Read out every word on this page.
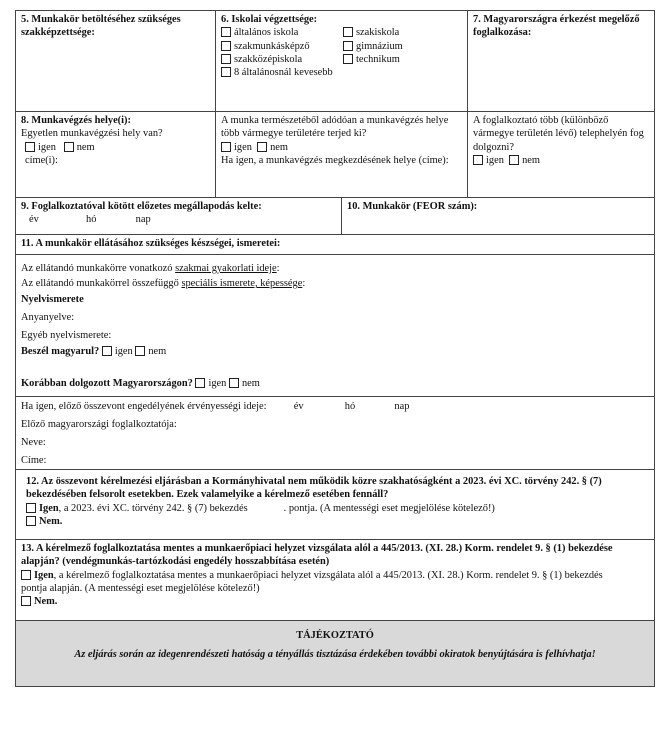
5. Munkakör betöltéséhez szükséges szakképzettsége:
6. Iskolai végzettsége:
általános iskola
szakmunkásképző
szakközépiskola
szakiskola
gimnázium
technikum
8 általánosnál kevesebb
7. Magyarországra érkezést megelőző foglalkozása:
8. Munkavégzés helye(i):
Egyetlen munkavégzési hely van?
igen nem
címe(i):
A munka természetéből adódóan a munkavégzés helye több vármegye területére terjed ki?
igen nem
Ha igen, a munkavégzés megkezdésének helye (címe):
A foglalkoztató több (különböző vármegye területén lévő) telephelyén fog dolgozni?
igen nem
9. Foglalkoztatóval kötött előzetes megállapodás kelte:
év	hó	nap
10. Munkakör (FEOR szám):
11. A munkakör ellátásához szükséges készségei, ismeretei:
Az ellátandó munkakörre vonatkozó szakmai gyakorlati ideje:
Az ellátandó munkakörrel összefüggő speciális ismerete, képessége:
Nyelvismerete
Anyanyelve:
Egyéb nyelvismerete:
Beszél magyarul? igen nem
Korábban dolgozott Magyarországon? igen nem
Ha igen, előző összevont engedélyének érvényességi ideje:	év	hó	nap
Előző magyarországi foglalkoztatója:
Neve:
Címe:
12. Az összevont kérelmezési eljárásban a Kormányhivatal nem működik közre szakhatóságként a 2023. évi XC. törvény 242. § (7) bekezdésében felsorolt esetekben. Ezek valamelyike a kérelmező esetében fennáll?
Igen, a 2023. évi XC. törvény 242. § (7) bekezdés	. pontja. (A mentességi eset megjelölése kötelező!)
Nem.
13. A kérelmező foglalkoztatása mentes a munkaerőpiaci helyzet vizsgálata alól a 445/2013. (XI. 28.) Korm. rendelet 9. § (1) bekezdése alapján? (vendégmunkás-tartózkodási engedély hosszabbítása esetén)
Igen, a kérelmező foglalkoztatása mentes a munkaerőpiaci helyzet vizsgálata alól a 445/2013. (XI. 28.) Korm. rendelet 9. § (1) bekezdéspontja alapján. (A mentességi eset megjelölése kötelező!)
Nem.
TÁJÉKOZTATÓ
Az eljárás során az idegenrendészeti hatóság a tényállás tisztázása érdekében további okiratok benyújtására is felhívhatja!
